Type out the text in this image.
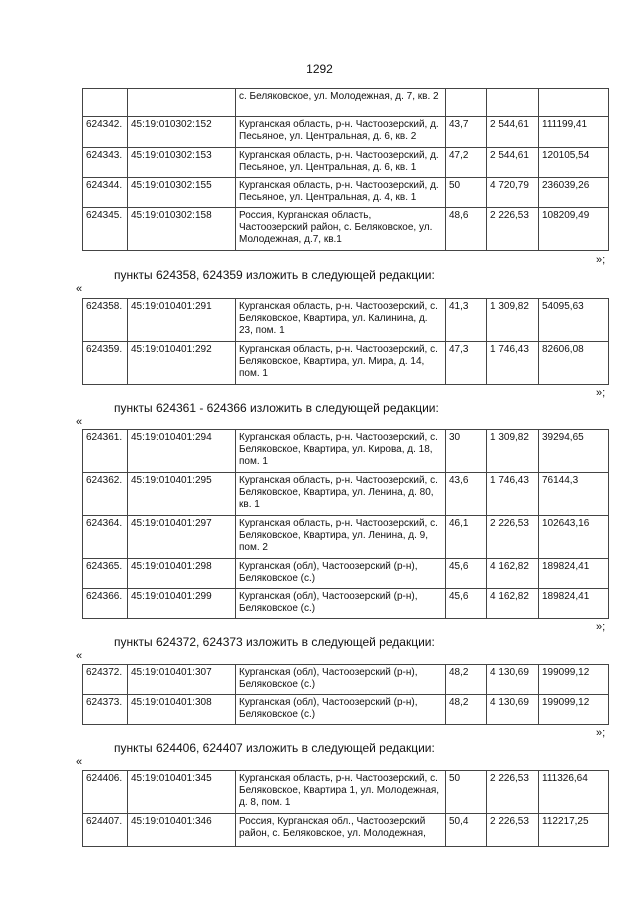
1292
		с. Беляковское, ул. Молодежная, д. 7, кв. 2			
624342.	45:19:010302:152	Курганская область, р-н. Частоозерский, д. Песьяное, ул. Центральная, д. 6, кв. 2	43,7	2 544,61	111199,41
624343.	45:19:010302:153	Курганская область, р-н. Частоозерский, д. Песьяное, ул. Центральная, д. 6, кв. 1	47,2	2 544,61	120105,54
624344.	45:19:010302:155	Курганская область, р-н. Частоозерский, д. Песьяное, ул. Центральная, д. 4, кв. 1	50	4 720,79	236039,26
624345.	45:19:010302:158	Россия, Курганская область, Частоозерский район, с. Беляковское, ул. Молодежная, д.7, кв.1	48,6	2 226,53	108209,49
»;
пункты 624358, 624359 изложить в следующей редакции:
«
624358.	45:19:010401:291	Курганская область, р-н. Частоозерский, с. Беляковское, Квартира, ул. Калинина, д. 23, пом. 1	41,3	1 309,82	54095,63
624359.	45:19:010401:292	Курганская область, р-н. Частоозерский, с. Беляковское, Квартира, ул. Мира, д. 14, пом. 1	47,3	1 746,43	82606,08
»;
пункты 624361 - 624366 изложить в следующей редакции:
«
624361.	45:19:010401:294	Курганская область, р-н. Частоозерский, с. Беляковское, Квартира, ул. Кирова, д. 18, пом. 1	30	1 309,82	39294,65
624362.	45:19:010401:295	Курганская область, р-н. Частоозерский, с. Беляковское, Квартира, ул. Ленина, д. 80, кв. 1	43,6	1 746,43	76144,3
624364.	45:19:010401:297	Курганская область, р-н. Частоозерский, с. Беляковское, Квартира, ул. Ленина, д. 9, пом. 2	46,1	2 226,53	102643,16
624365.	45:19:010401:298	Курганская (обл), Частоозерский (р-н), Беляковское (с.)	45,6	4 162,82	189824,41
624366.	45:19:010401:299	Курганская (обл), Частоозерский (р-н), Беляковское (с.)	45,6	4 162,82	189824,41
»;
пункты 624372, 624373 изложить в следующей редакции:
«
624372.	45:19:010401:307	Курганская (обл), Частоозерский (р-н), Беляковское (с.)	48,2	4 130,69	199099,12
624373.	45:19:010401:308	Курганская (обл), Частоозерский (р-н), Беляковское (с.)	48,2	4 130,69	199099,12
»;
пункты 624406, 624407 изложить в следующей редакции:
«
624406.	45:19:010401:345	Курганская область, р-н. Частоозерский, с. Беляковское, Квартира 1, ул. Молодежная, д. 8, пом. 1	50	2 226,53	111326,64
624407.	45:19:010401:346	Россия, Курганская обл., Частоозерский район, с. Беляковское, ул. Молодежная,	50,4	2 226,53	112217,25
